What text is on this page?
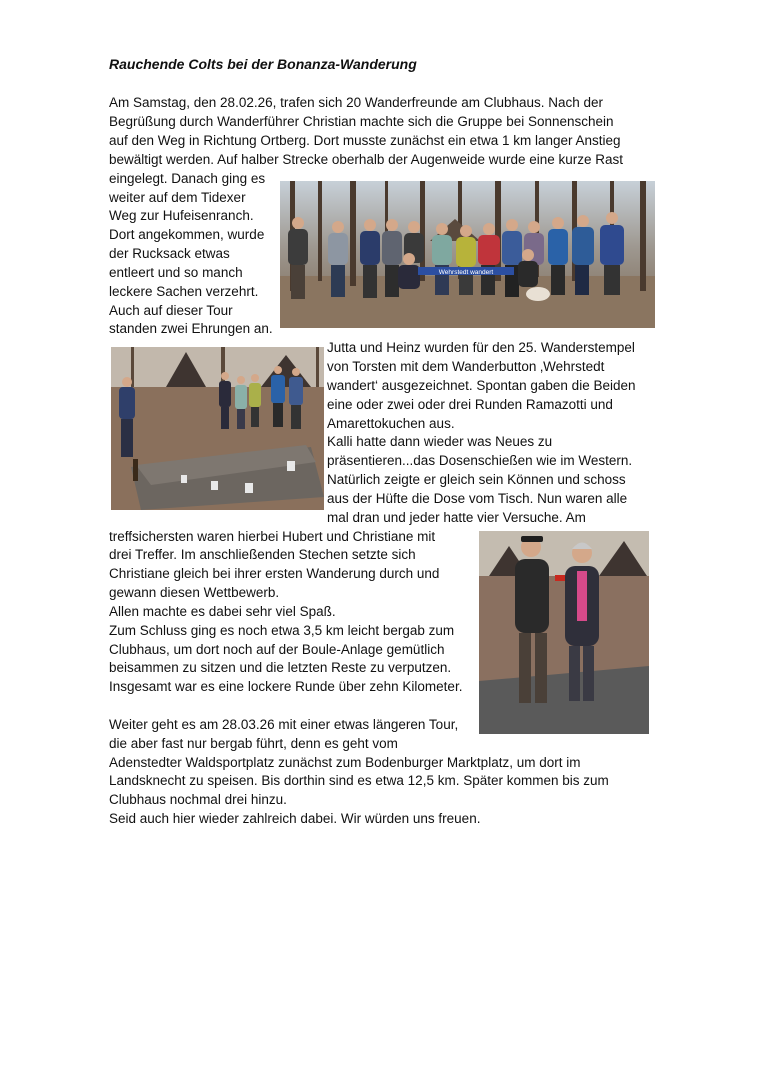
Rauchende Colts bei der Bonanza-Wanderung
Am Samstag, den 28.02.26, trafen sich 20 Wanderfreunde am Clubhaus. Nach der
Begrüßung durch Wanderführer Christian machte sich die Gruppe bei Sonnenschein
auf den Weg in Richtung Ortberg. Dort musste zunächst ein etwa 1 km langer Anstieg
bewältigt werden. Auf halber Strecke oberhalb der Augenweide wurde eine kurze Rast
eingelegt. Danach ging es
weiter auf dem Tidexer
Weg zur Hufeisenranch.
Dort angekommen, wurde
der Rucksack etwas
entleert und so manch
leckere Sachen verzehrt.
Auch auf dieser Tour
standen zwei Ehrungen an.
Jutta und Heinz wurden für den 25. Wanderstempel
von Torsten mit dem Wanderbutton ‚Wehrstedt
wandert‘ ausgezeichnet. Spontan gaben die Beiden
eine oder zwei oder drei Runden Ramazotti und
Amarettokuchen aus.
Kalli hatte dann wieder was Neues zu
präsentieren...das Dosenschießen wie im Western.
Natürlich zeigte er gleich sein Können und schoss
aus der Hüfte die Dose vom Tisch. Nun waren alle
mal dran und jeder hatte vier Versuche. Am
treffsichersten waren hierbei Hubert und Christiane mit
drei Treffer. Im anschließenden Stechen setzte sich
Christiane gleich bei ihrer ersten Wanderung durch und
gewann diesen Wettbewerb.
Allen machte es dabei sehr viel Spaß.
Zum Schluss ging es noch etwa 3,5 km leicht bergab zum
Clubhaus, um dort noch auf der Boule-Anlage gemütlich
beisammen zu sitzen und die letzten Reste zu verputzen.
Insgesamt war es eine lockere Runde über zehn Kilometer.
Weiter geht es am 28.03.26 mit einer etwas längeren Tour,
die aber fast nur bergab führt, denn es geht vom
Adenstedter Waldsportplatz zunächst zum Bodenburger Marktplatz, um dort im
Landsknecht zu speisen. Bis dorthin sind es etwa 12,5 km. Später kommen bis zum
Clubhaus nochmal drei hinzu.
Seid auch hier wieder zahlreich dabei. Wir würden uns freuen.
Wehrstedt wandert
